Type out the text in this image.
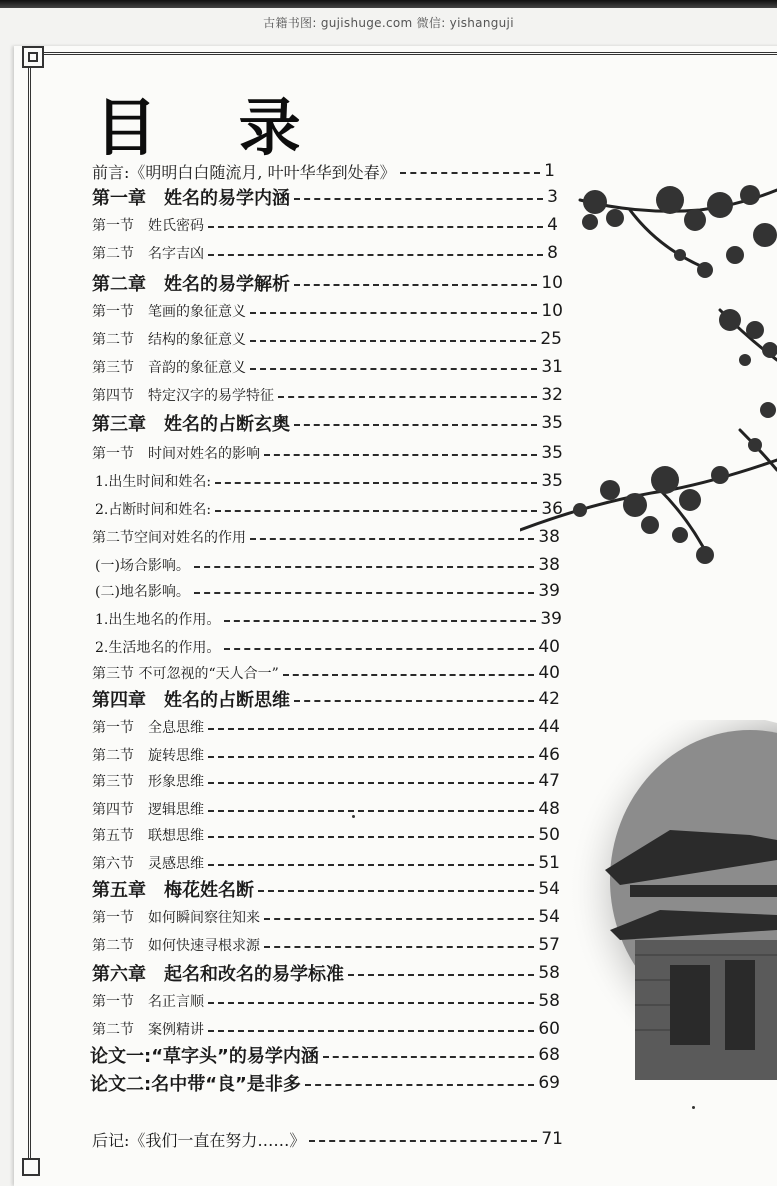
古籍书图: gujishuge.com 微信: yishanguji
目 录
前言:《明明白白随流月, 叶叶华华到处春》	1
第一章　姓名的易学内涵	3
第一节　姓氏密码	4
第二节　名字吉凶	8
第二章　姓名的易学解析	10
第一节　笔画的象征意义	10
第二节　结构的象征意义	25
第三节　音韵的象征意义	31
第四节　特定汉字的易学特征	32
第三章　姓名的占断玄奥	35
第一节　时间对姓名的影响	35
1.出生时间和姓名:	35
2.占断时间和姓名:	36
第二节空间对姓名的作用	38
(一)场合影响。	38
(二)地名影响。	39
1.出生地名的作用。	39
2.生活地名的作用。	40
第三节 不可忽视的“天人合一”	40
第四章　姓名的占断思维	42
第一节　全息思维	44
第二节　旋转思维	46
第三节　形象思维	47
第四节　逻辑思维	48
第五节　联想思维	50
第六节　灵感思维	51
第五章　梅花姓名断	54
第一节　如何瞬间察往知来	54
第二节　如何快速寻根求源	57
第六章　起名和改名的易学标准	58
第一节　名正言顺	58
第二节　案例精讲	60
论文一:“草字头”的易学内涵	68
论文二:名中带“良”是非多	69
后记:《我们一直在努力……》	71
